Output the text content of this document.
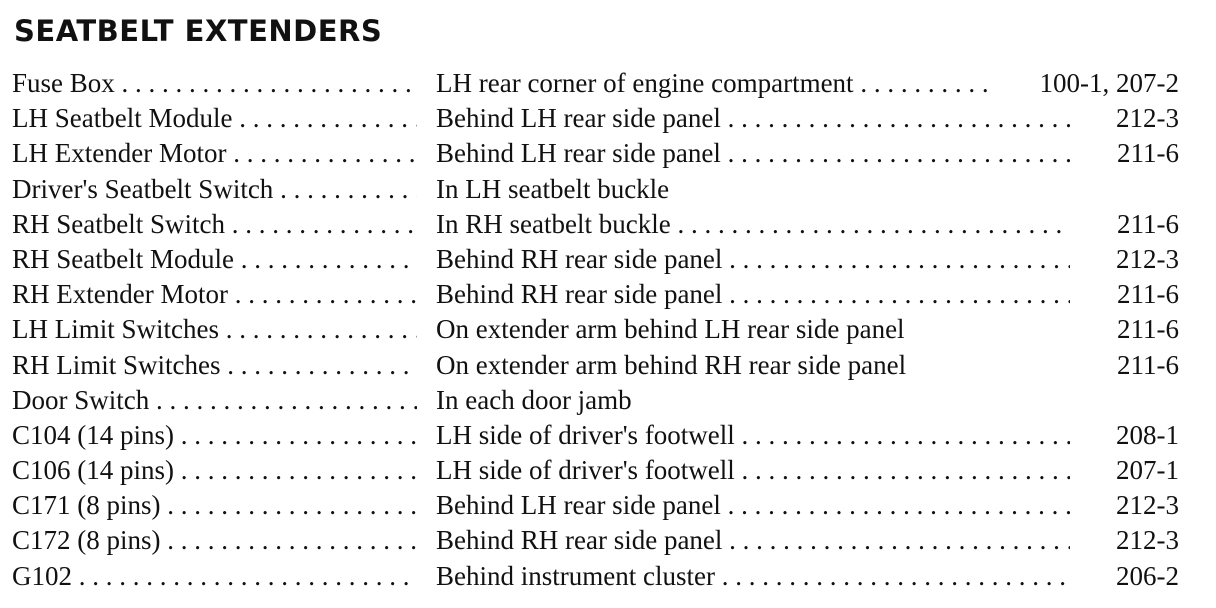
SEATBELT EXTENDERS
Fuse Box . . .	LH rear corner of engine compartment . . .	100-1, 207-2
LH Seatbelt Module . . .	Behind LH rear side panel . . .	212-3
LH Extender Motor . . .	Behind LH rear side panel . . .	211-6
Driver's Seatbelt Switch . . .	In LH seatbelt buckle
RH Seatbelt Switch . . .	In RH seatbelt buckle . . .	211-6
RH Seatbelt Module . . .	Behind RH rear side panel . . .	212-3
RH Extender Motor . . .	Behind RH rear side panel . . .	211-6
LH Limit Switches . . .	On extender arm behind LH rear side panel	211-6
RH Limit Switches . . .	On extender arm behind RH rear side panel	211-6
Door Switch . . .	In each door jamb
C104 (14 pins) . . .	LH side of driver's footwell . . .	208-1
C106 (14 pins) . . .	LH side of driver's footwell . . .	207-1
C171 (8 pins) . . .	Behind LH rear side panel . . .	212-3
C172 (8 pins) . . .	Behind RH rear side panel . . .	212-3
G102 . . .	Behind instrument cluster . . .	206-2
